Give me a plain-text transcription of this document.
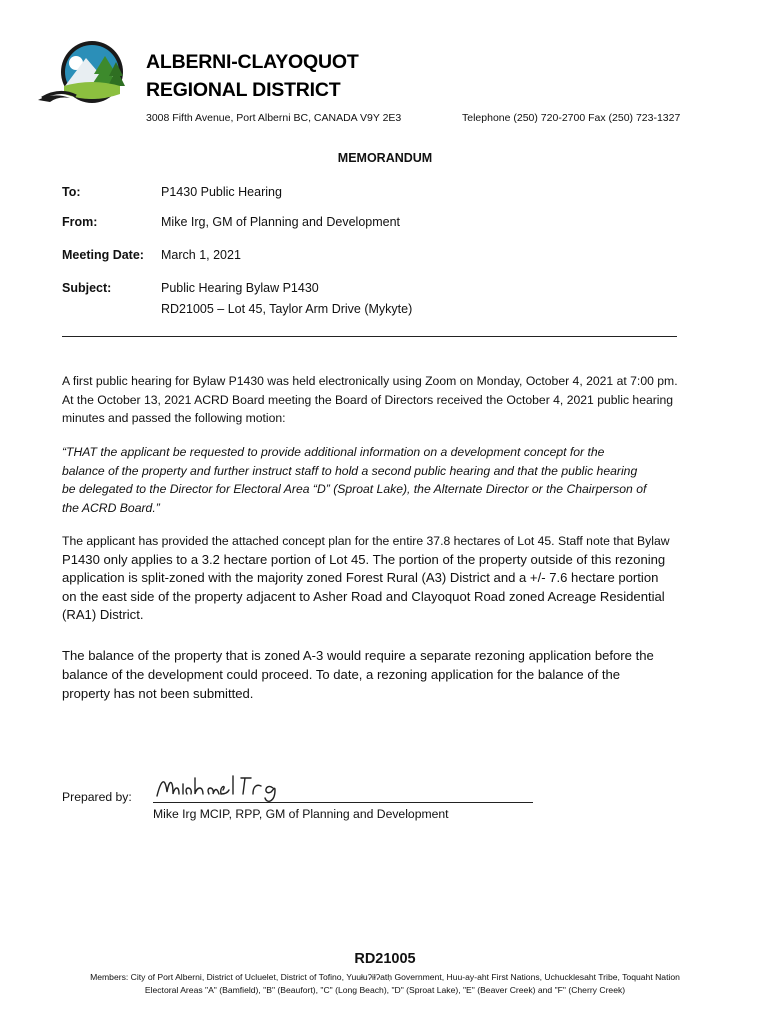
ALBERNI-CLAYOQUOT
REGIONAL DISTRICT
3008 Fifth Avenue, Port Alberni BC, CANADA V9Y 2E3	Telephone (250) 720-2700 Fax (250) 723-1327
MEMORANDUM
To:	P1430 Public Hearing
From:	Mike Irg, GM of Planning and Development
Meeting Date: March 1, 2021
Subject:	Public Hearing Bylaw P1430
RD21005 – Lot 45, Taylor Arm Drive (Mykyte)
A first public hearing for Bylaw P1430 was held electronically using Zoom on Monday, October 4, 2021 at 7:00 pm.
At the October 13, 2021 ACRD Board meeting the Board of Directors received the October 4, 2021 public hearing
minutes and passed the following motion:
“THAT the applicant be requested to provide additional information on a development concept for the
balance of the property and further instruct staff to hold a second public hearing and that the public hearing
be delegated to the Director for Electoral Area “D” (Sproat Lake), the Alternate Director or the Chairperson of
the ACRD Board.”
The applicant has provided the attached concept plan for the entire 37.8 hectares of Lot 45. Staff note that Bylaw
P1430 only applies to a 3.2 hectare portion of Lot 45. The portion of the property outside of this rezoning
application is split-zoned with the majority zoned Forest Rural (A3) District and a +/- 7.6 hectare portion
on the east side of the property adjacent to Asher Road and Clayoquot Road zoned Acreage Residential
(RA1) District.
The balance of the property that is zoned A-3 would require a separate rezoning application before the
balance of the development could proceed. To date, a rezoning application for the balance of the
property has not been submitted.
Prepared by:
Mike Irg MCIP, RPP, GM of Planning and Development
RD21005
Members: City of Port Alberni, District of Ucluelet, District of Tofino, Yuułuʔiłʔatḥ Government, Huu-ay-aht First Nations, Uchucklesaht Tribe, Toquaht Nation
Electoral Areas "A" (Bamfield), "B" (Beaufort), "C" (Long Beach), "D" (Sproat Lake), "E" (Beaver Creek) and "F" (Cherry Creek)
